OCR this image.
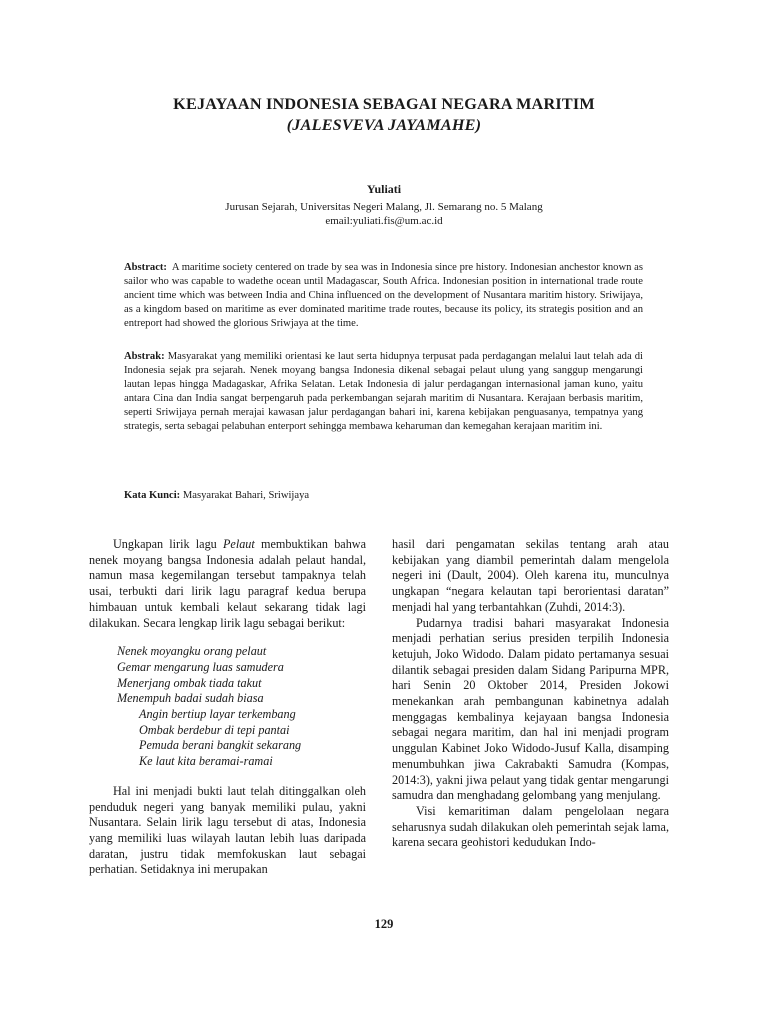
KEJAYAAN INDONESIA SEBAGAI NEGARA MARITIM
(JALESVEVA JAYAMAHE)
Yuliati
Jurusan Sejarah, Universitas Negeri Malang, Jl. Semarang no. 5 Malang
email:yuliati.fis@um.ac.id
Abstract: A maritime society centered on trade by sea was in Indonesia since pre history. Indonesian anchestor known as sailor who was capable to wadethe ocean until Madagascar, South Africa. Indonesian position in international trade route ancient time which was between India and China influenced on the development of Nusantara maritim history. Sriwijaya, as a kingdom based on maritime as ever dominated maritime trade routes, because its policy, its strategis position and an entreport had showed the glorious Sriwjaya at the time.
Abstrak: Masyarakat yang memiliki orientasi ke laut serta hidupnya terpusat pada perdagangan melalui laut telah ada di Indonesia sejak pra sejarah. Nenek moyang bangsa Indonesia dikenal sebagai pelaut ulung yang sanggup mengarungi lautan lepas hingga Madagaskar, Afrika Selatan. Letak Indonesia di jalur perdagangan internasional jaman kuno, yaitu antara Cina dan India sangat berpengaruh pada perkembangan sejarah maritim di Nusantara. Kerajaan berbasis maritim, seperti Sriwijaya pernah merajai kawasan jalur perdagangan bahari ini, karena kebijakan penguasanya, tempatnya yang strategis, serta sebagai pelabuhan enterport sehingga membawa keharuman dan kemegahan kerajaan maritim ini.
Kata Kunci: Masyarakat Bahari, Sriwijaya

Ungkapan lirik lagu Pelaut membuktikan bahwa nenek moyang bangsa Indonesia adalah pelaut handal, namun masa kegemilangan tersebut tampaknya telah usai, terbukti dari lirik lagu paragraf kedua berupa himbauan untuk kembali kelaut sekarang tidak lagi dilakukan. Secara lengkap lirik lagu sebagai berikut:

Nenek moyangku orang pelaut
Gemar mengarung luas samudera
Menerjang ombak tiada takut
Menempuh badai sudah biasa
Angin bertiup layar terkembang
Ombak berdebur di tepi pantai
Pemuda berani bangkit sekarang
Ke laut kita beramai-ramai

Hal ini menjadi bukti laut telah ditinggalkan oleh penduduk negeri yang banyak memiliki pulau, yakni Nusantara. Selain lirik lagu tersebut di atas, Indonesia yang memiliki luas wilayah lautan lebih luas daripada daratan, justru tidak memfokuskan laut sebagai perhatian. Setidaknya ini merupakan

hasil dari pengamatan sekilas tentang arah atau kebijakan yang diambil pemerintah dalam mengelola negeri ini (Dault, 2004). Oleh karena itu, munculnya ungkapan “negara kelautan tapi berorientasi daratan” menjadi hal yang terbantahkan (Zuhdi, 2014:3).

Pudarnya tradisi bahari masyarakat Indonesia menjadi perhatian serius presiden terpilih Indonesia ketujuh, Joko Widodo. Dalam pidato pertamanya sesuai dilantik sebagai presiden dalam Sidang Paripurna MPR, hari Senin 20 Oktober 2014, Presiden Jokowi menekankan arah pembangunan kabinetnya adalah menggagas kembalinya kejayaan bangsa Indonesia sebagai negara maritim, dan hal ini menjadi program unggulan Kabinet Joko Widodo-Jusuf Kalla, disamping menumbuhkan jiwa Cakrabakti Samudra (Kompas, 2014:3), yakni jiwa pelaut yang tidak gentar mengarungi samudra dan menghadang gelombang yang menjulang.

Visi kemaritiman dalam pengelolaan negara seharusnya sudah dilakukan oleh pemerintah sejak lama, karena secara geohistori kedudukan Indo-

129
